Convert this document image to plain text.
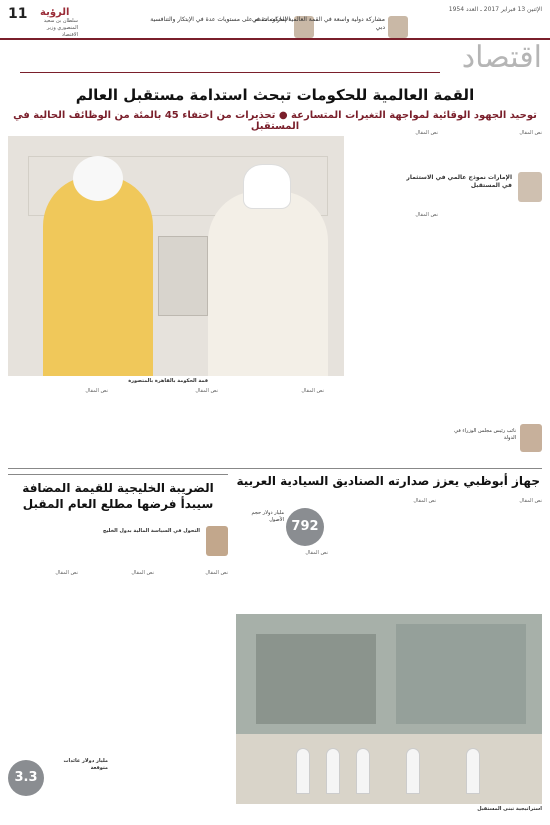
11 الرؤية
سلطان بن سعيد المنصوري وزير الاقتصاد
الإمارات تتقدم على مستويات عدة في الإبتكار والتنافسية
مشاركة دولية واسعة في القمة العالمية للحكومات في دبي
الإثنين 13 فبراير 2017 ـ العدد 1954
اقتصاد
القمة العالمية للحكومات تبحث استدامة مستقبل العالم
توحيد الجهود الوقائية لمواجهة التغيرات المتسارعة ● تحذيرات من اختفاء 45 بالمئة من الوظائف الحالية في المستقبل
نص المقال
نص المقال
الإمارات نموذج عالمي في الاستثمار في المستقبل
نص المقال
قمة الحكومة بالقاهرة بالمتصورة
نص المقال	نص المقال	نص المقال
نائب رئيس مجلس الوزراء في الدولة
جهاز أبوظبي يعزز صدارته الصناديق السيادية العربية
نص المقال
نص المقال
792
مليار دولار حجم الأصول
نص المقال
استراتيجية تبنى المستقبل
الضريبة الخليجية للقيمة المضافة سيبدأ فرضها مطلع العام المقبل
التحول في السياسة المالية بدول الخليج
نص المقال	نص المقال	نص المقال
3.3
مليار دولار عائدات متوقعة
